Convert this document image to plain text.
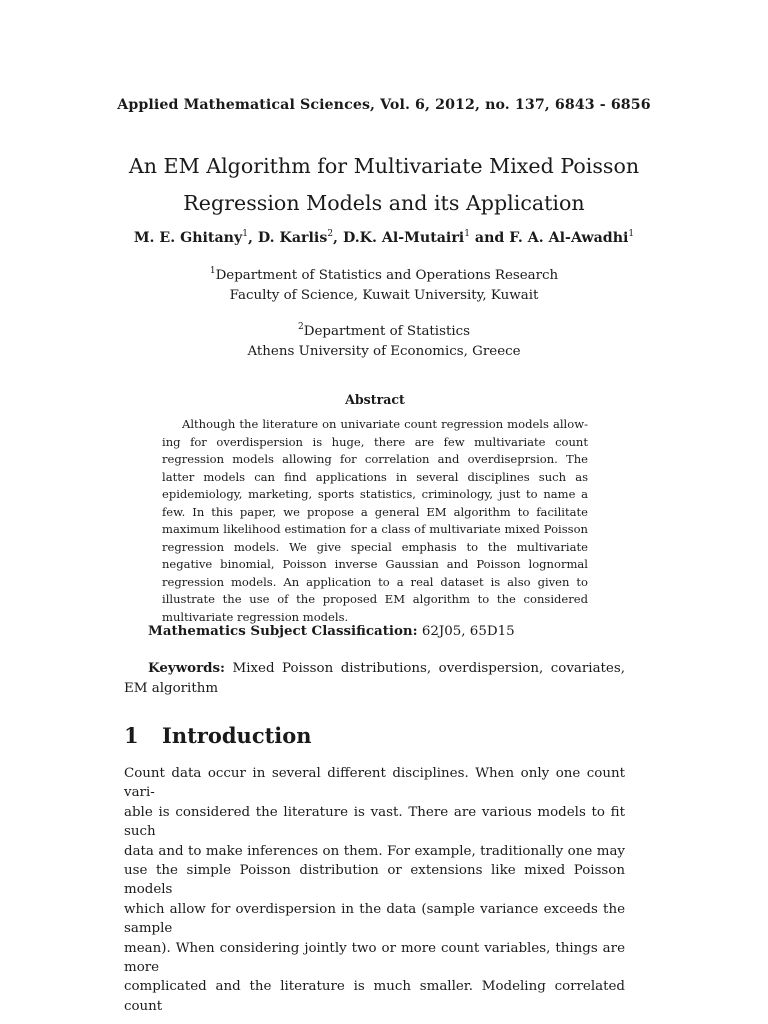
Applied Mathematical Sciences, Vol. 6, 2012, no. 137, 6843 - 6856
An EM Algorithm for Multivariate Mixed Poisson
Regression Models and its Application
M. E. Ghitany$^1$, D. Karlis$^2$, D.K. Al-Mutairi$^1$ and F. A. Al-Awadhi$^1$
$^1$Department of Statistics and Operations Research
Faculty of Science, Kuwait University, Kuwait
$^2$Department of Statistics
Athens University of Economics, Greece
Abstract
Although the literature on univariate count regression models allowing for overdispersion is huge, there are few multivariate count regression models allowing for correlation and overdiseprsion. The latter models can find applications in several disciplines such as epidemiology, marketing, sports statistics, criminology, just to name a few. In this paper, we propose a general EM algorithm to facilitate maximum likelihood estimation for a class of multivariate mixed Poisson regression models. We give special emphasis to the multivariate negative binomial, Poisson inverse Gaussian and Poisson lognormal regression models. An application to a real dataset is also given to illustrate the use of the proposed EM algorithm to the considered multivariate regression models.
Mathematics Subject Classification: 62J05, 65D15
Keywords: Mixed Poisson distributions, overdispersion, covariates, EM algorithm
1 Introduction
Count data occur in several different disciplines. When only one count vari-
able is considered the literature is vast. There are various models to fit such
data and to make inferences on them. For example, traditionally one may
use the simple Poisson distribution or extensions like mixed Poisson models
which allow for overdispersion in the data (sample variance exceeds the sample
mean). When considering jointly two or more count variables, things are more
complicated and the literature is much smaller. Modeling correlated count
